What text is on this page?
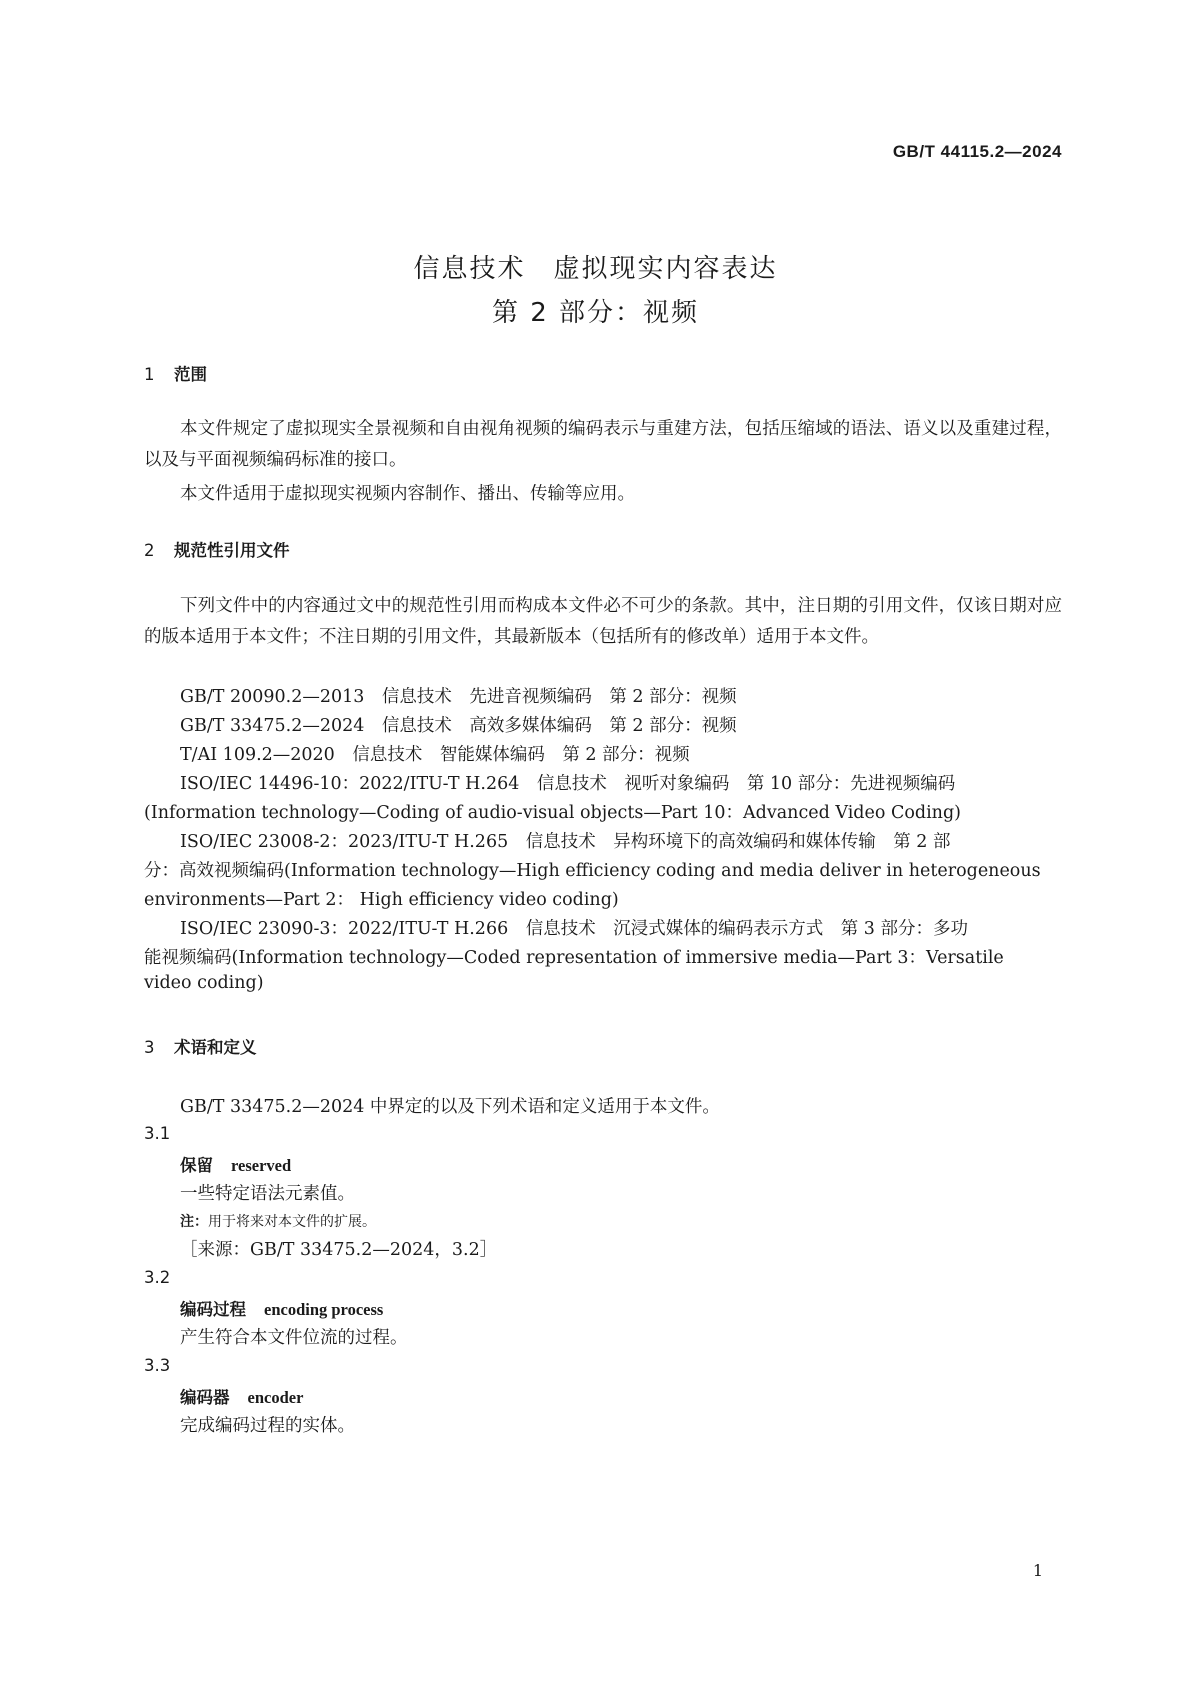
GB/T 44115.2—2024
信息技术　虚拟现实内容表达
第 2 部分：视频
1 范围
本文件规定了虚拟现实全景视频和自由视角视频的编码表示与重建方法，包括压缩域的语法、语义以及重建过程，以及与平面视频编码标准的接口。
本文件适用于虚拟现实视频内容制作、播出、传输等应用。
2 规范性引用文件
下列文件中的内容通过文中的规范性引用而构成本文件必不可少的条款。其中，注日期的引用文件，仅该日期对应的版本适用于本文件；不注日期的引用文件，其最新版本（包括所有的修改单）适用于本文件。
GB/T 20090.2—2013　信息技术　先进音视频编码　第 2 部分：视频
GB/T 33475.2—2024　信息技术　高效多媒体编码　第 2 部分：视频
T/AI 109.2—2020　信息技术　智能媒体编码　第 2 部分：视频
ISO/IEC 14496-10：2022/ITU-T H.264　信息技术　视听对象编码　第 10 部分：先进视频编码
(Information technology—Coding of audio-visual objects—Part 10：Advanced Video Coding)
ISO/IEC 23008-2：2023/ITU-T H.265　信息技术　异构环境下的高效编码和媒体传输　第 2 部
分：高效视频编码(Information technology—High efficiency coding and media deliver in heterogeneous
environments—Part 2： High efficiency video coding)
ISO/IEC 23090-3：2022/ITU-T H.266　信息技术　沉浸式媒体的编码表示方式　第 3 部分：多功
能视频编码(Information technology—Coded representation of immersive media—Part 3：Versatile
video coding)
3 术语和定义
GB/T 33475.2—2024 中界定的以及下列术语和定义适用于本文件。
3.1
保留 reserved
一些特定语法元素值。
注：用于将来对本文件的扩展。
［来源：GB/T 33475.2—2024，3.2］
3.2
编码过程 encoding process
产生符合本文件位流的过程。
3.3
编码器 encoder
完成编码过程的实体。
1
